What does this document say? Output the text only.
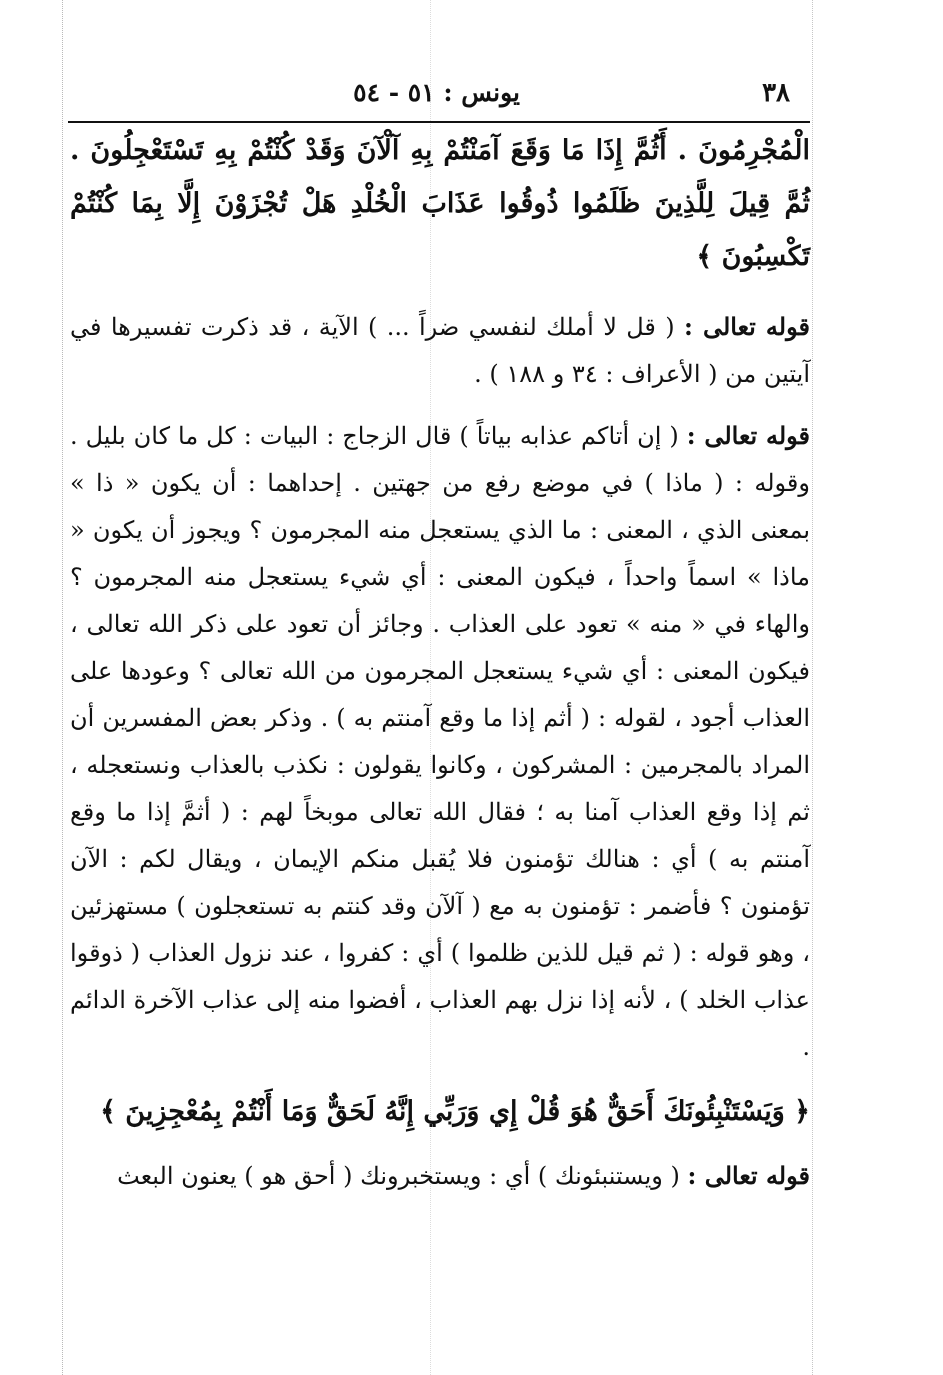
٣٨
يونس : ٥١ - ٥٤

الْمُجْرِمُونَ . أَثُمَّ إِذَا مَا وَقَعَ آمَنْتُمْ بِهِ آلْآنَ وَقَدْ كُنْتُمْ بِهِ تَسْتَعْجِلُونَ . ثُمَّ قِيلَ لِلَّذِينَ ظَلَمُوا ذُوقُوا عَذَابَ الْخُلْدِ هَلْ تُجْزَوْنَ إِلَّا بِمَا كُنْتُمْ تَكْسِبُونَ ﴾

قوله تعالى : ( قل لا أملك لنفسي ضراً ... ) الآية ، قد ذكرت تفسيرها في آيتين من ( الأعراف : ٣٤ و ١٨٨ ) .

قوله تعالى : ( إن أتاكم عذابه بياتاً ) قال الزجاج : البيات : كل ما كان بليل . وقوله : ( ماذا ) في موضع رفع من جهتين . إحداهما : أن يكون « ذا » بمعنى الذي ، المعنى : ما الذي يستعجل منه المجرمون ؟ ويجوز أن يكون « ماذا » اسماً واحداً ، فيكون المعنى : أي شيء يستعجل منه المجرمون ؟ والهاء في « منه » تعود على العذاب . وجائز أن تعود على ذكر الله تعالى ، فيكون المعنى : أي شيء يستعجل المجرمون من الله تعالى ؟ وعودها على العذاب أجود ، لقوله : ( أثم إذا ما وقع آمنتم به ) . وذكر بعض المفسرين أن المراد بالمجرمين : المشركون ، وكانوا يقولون : نكذب بالعذاب ونستعجله ، ثم إذا وقع العذاب آمنا به ؛ فقال الله تعالى موبخاً لهم : ( أثمَّ إذا ما وقع آمنتم به ) أي : هنالك تؤمنون فلا يُقبل منكم الإيمان ، ويقال لكم : الآن تؤمنون ؟ فأضمر : تؤمنون به مع ( آلآن وقد كنتم به تستعجلون ) مستهزئين ، وهو قوله : ( ثم قيل للذين ظلموا ) أي : كفروا ، عند نزول العذاب ( ذوقوا عذاب الخلد ) ، لأنه إذا نزل بهم العذاب ، أفضوا منه إلى عذاب الآخرة الدائم .

﴿ وَيَسْتَنْبِئُونَكَ أَحَقٌّ هُوَ قُلْ إِي وَرَبِّي إِنَّهُ لَحَقٌّ وَمَا أَنْتُمْ بِمُعْجِزِينَ ﴾

قوله تعالى : ( ويستنبئونك ) أي : ويستخبرونك ( أحق هو ) يعنون البعث
